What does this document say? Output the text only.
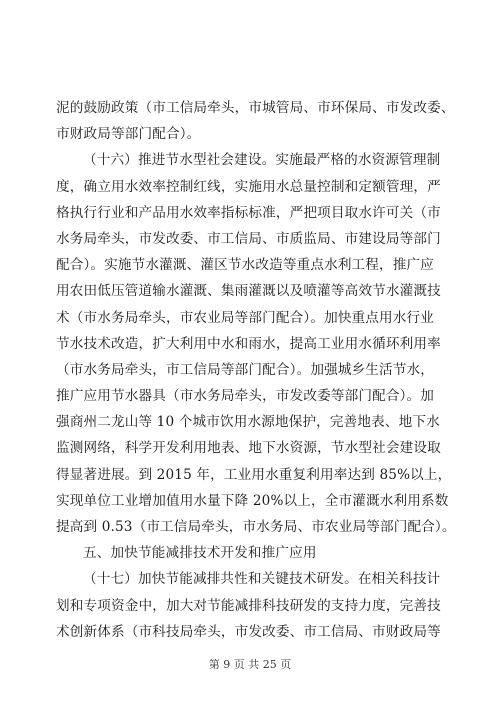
泥的鼓励政策（市工信局牵头，市城管局、市环保局、市发改委、
市财政局等部门配合）。
（十六）推进节水型社会建设。实施最严格的水资源管理制
度，确立用水效率控制红线，实施用水总量控制和定额管理，严
格执行行业和产品用水效率指标标准，严把项目取水许可关（市
水务局牵头，市发改委、市工信局、市质监局、市建设局等部门
配合）。实施节水灌溉、灌区节水改造等重点水利工程，推广应
用农田低压管道输水灌溉、集雨灌溉以及喷灌等高效节水灌溉技
术（市水务局牵头，市农业局等部门配合）。加快重点用水行业
节水技术改造，扩大利用中水和雨水，提高工业用水循环利用率
（市水务局牵头，市工信局等部门配合）。加强城乡生活节水，
推广应用节水器具（市水务局牵头，市发改委等部门配合）。加
强商州二龙山等 10 个城市饮用水源地保护，完善地表、地下水
监测网络，科学开发利用地表、地下水资源，节水型社会建设取
得显著进展。到 2015 年，工业用水重复利用率达到 85%以上，
实现单位工业增加值用水量下降 20%以上，全市灌溉水利用系数
提高到 0.53（市工信局牵头，市水务局、市农业局等部门配合）。
五、加快节能减排技术开发和推广应用
（十七）加快节能减排共性和关键技术研发。在相关科技计
划和专项资金中，加大对节能减排科技研发的支持力度，完善技
术创新体系（市科技局牵头，市发改委、市工信局、市财政局等
第 9 页 共 25 页
